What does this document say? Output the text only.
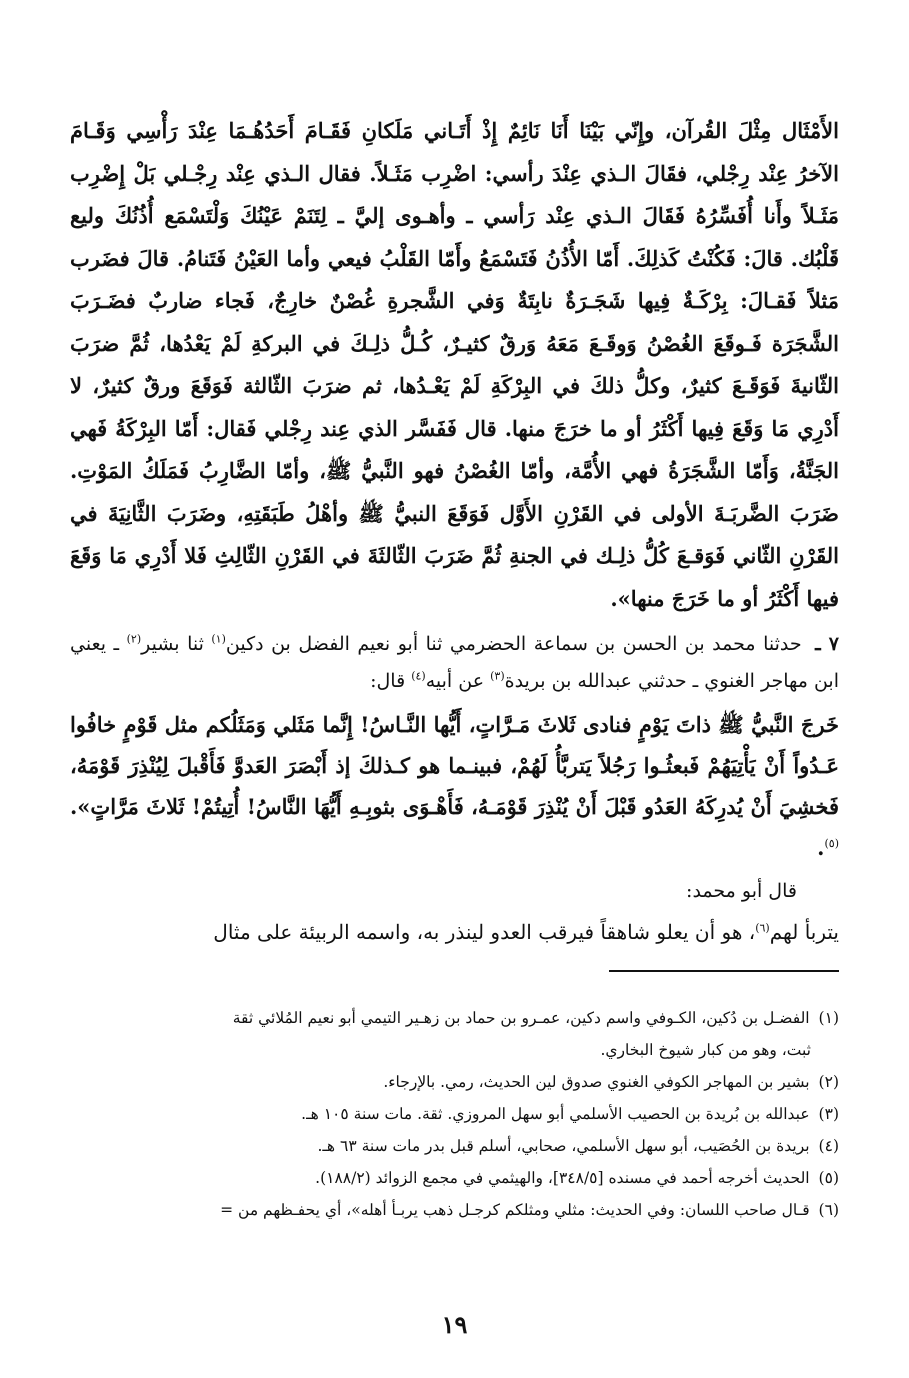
الأَمْثَال مِثْلَ القُرآن، وإِنّي بَيْنَا أَنَا نَائِمٌ إِذْ أَتَـاني مَلَكانِ فَقَـامَ أَحَدُهُـمَا عِنْدَ رَأْسِي وَقَـامَ الآخرُ عِنْد رِجْلي، فقَالَ الـذي عِنْدَ رأسي: اضْرِب مَثَـلاً. فقال الـذي عِنْد رِجْـلي بَلْ إِضْرِب مَثَـلاً وأَنا أُفَسِّرُهُ فَقَالَ الـذي عِنْد رَأسي ـ وأهـوى إليَّ ـ لِتَنَمْ عَيْنُكَ وَلْتَسْمَع أُذُنُكَ وليع قَلْبُك. قالَ: فَكُنْتُ كَذلِكَ. أَمّا الأُذُنُ فَتَسْمَعُ وأَمّا القَلْبُ فيعي وأما العَيْنُ فَتَنامُ. قالَ فضَرب مَثلاً فَقـالَ: بِرْكَـةٌ فِيها شَجَـرَةٌ نابِتَةٌ وَفي الشَّجرةِ غُصْنٌ خارِجٌ، فَجاء ضاربٌ فضَـرَبَ الشَّجَرَة فَـوقَعَ الغُصْنُ وَوقَـعَ مَعَهُ وَرقٌ كثيـرٌ، كُـلُّ ذلِـكَ في البركةِ لَمْ يَعْدُها، ثُمَّ ضرَبَ الثّانيةَ فَوَقَـعَ كثيرٌ، وكلُّ ذلكَ في البِرْكَةِ لَمْ يَعْـدُها، ثم ضرَبَ الثّالثة فَوَقَعَ ورقٌ كثيرٌ، لا أَدْرِي مَا وَقَعَ فِيها أَكْثَرُ أو ما خرَجَ منها. قال فَفَسَّر الذي عِند رِجْلي فَقال: أَمّا البِرْكَةُ فَهي الجَنَّةُ، وَأَمّا الشَّجَرَةُ فهي الأُمَّة، وأمّا الغُصْنُ فهو النَّبيُّ ﷺ، وأمّا الضَّارِبُ فَمَلَكُ المَوْتِ. ضَرَبَ الضَّربَـةَ الأولى في القَرْنِ الأَوَّل فَوَقَعَ النبيُّ ﷺ وأهْلُ طَبَقَتِهِ، وضَرَبَ الثَّانِيَةَ في القَرْنِ الثّاني فَوَقـعَ كُلُّ ذلِـك في الجنةِ ثُمَّ ضَرَبَ الثّالثَةَ في القَرْنِ الثّالِثِ فَلا أَدْرِي مَا وَقَعَ فيها أَكْثَرُ أو ما خَرَجَ منها».

٧ ـ حدثنا محمد بن الحسن بن سماعة الحضرمي ثنا أبو نعيم الفضل بن دكين$^{(١)}$ ثنا بشير$^{(٢)}$ ـ يعني ابن مهاجر الغنوي ـ حدثني عبدالله بن بريدة$^{(٣)}$ عن أبيه$^{(٤)}$ قال:

خَرجَ النَّبيُّ ﷺ ذاتَ يَوْمٍ فنادى ثَلاثَ مَـرَّاتٍ، أَيُّها النَّـاسُ! إِنَّما مَثَلي وَمَثَلُكم مثل قَوْمٍ خافُوا عَـدُواً أَنْ يَأْتِيَهُمْ فَبعثُـوا رَجُلاً يَتربَّأُ لَهُمْ، فبينـما هو كـذلكَ إذ أَبْصَرَ العَدوَّ فَأَقْبلَ لِيُنْذِرَ قَوْمَهُ، فَخشِيَ أَنْ يُدرِكَهُ العَدُو قَبْلَ أَنْ يُنْذِرَ قَوْمَـهُ، فَأَهْـوَى بثوبِـهِ أَيُّهَا النَّاسُ! أُتِيتُمْ! ثَلاثَ مَرَّاتٍ».$^{(٥)}$.

قال أبو محمد:

يتربأ لهم$^{(٦)}$، هو أن يعلو شاهقاً فيرقب العدو لينذر به، واسمه الربيئة على مثال

(١) الفضـل بن دُكين، الكـوفي واسم دكين، عمـرو بن حماد بن زهـير التيمي أبو نعيم المُلائي ثقة
ثبت، وهو من كبار شيوخ البخاري.
(٢) بشير بن المهاجر الكوفي الغنوي صدوق لين الحديث، رمي. بالإرجاء.
(٣) عبدالله بن بُريدة بن الحصيب الأسلمي أبو سهل المروزي. ثقة. مات سنة ١٠٥ هـ.
(٤) بريدة بن الحُصَيب، أبو سهل الأسلمي، صحابي، أسلم قبل بدر مات سنة ٦٣ هـ.
(٥) الحديث أخرجه أحمد في مسنده [٣٤٨/٥]، والهيثمي في مجمع الزوائد (١٨٨/٢).
(٦) قـال صاحب اللسان: وفي الحديث: مثلي ومثلكم كرجـل ذهب يربـأ أهله»، أي يحفـظهم من =
١٩
